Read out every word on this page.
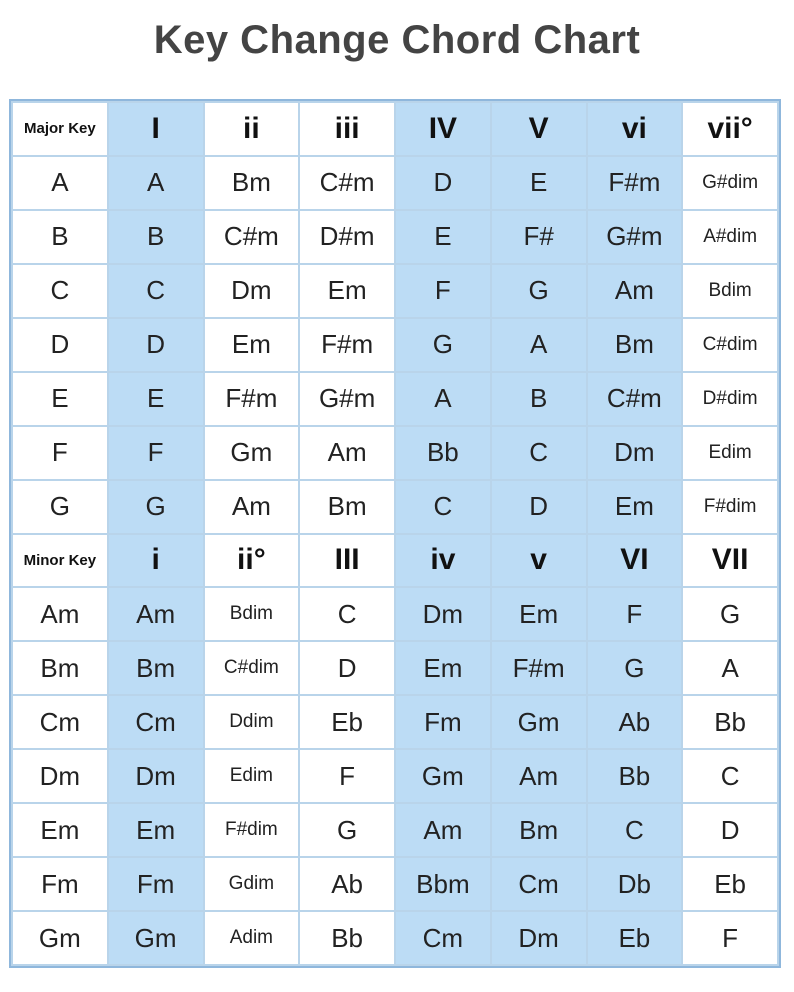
Key Change Chord Chart
Major Key	I	ii	iii	IV	V	vi	vii°
A	A	Bm	C#m	D	E	F#m	G#dim
B	B	C#m	D#m	E	F#	G#m	A#dim
C	C	Dm	Em	F	G	Am	Bdim
D	D	Em	F#m	G	A	Bm	C#dim
E	E	F#m	G#m	A	B	C#m	D#dim
F	F	Gm	Am	Bb	C	Dm	Edim
G	G	Am	Bm	C	D	Em	F#dim
Minor Key	i	ii°	III	iv	v	VI	VII
Am	Am	Bdim	C	Dm	Em	F	G
Bm	Bm	C#dim	D	Em	F#m	G	A
Cm	Cm	Ddim	Eb	Fm	Gm	Ab	Bb
Dm	Dm	Edim	F	Gm	Am	Bb	C
Em	Em	F#dim	G	Am	Bm	C	D
Fm	Fm	Gdim	Ab	Bbm	Cm	Db	Eb
Gm	Gm	Adim	Bb	Cm	Dm	Eb	F
